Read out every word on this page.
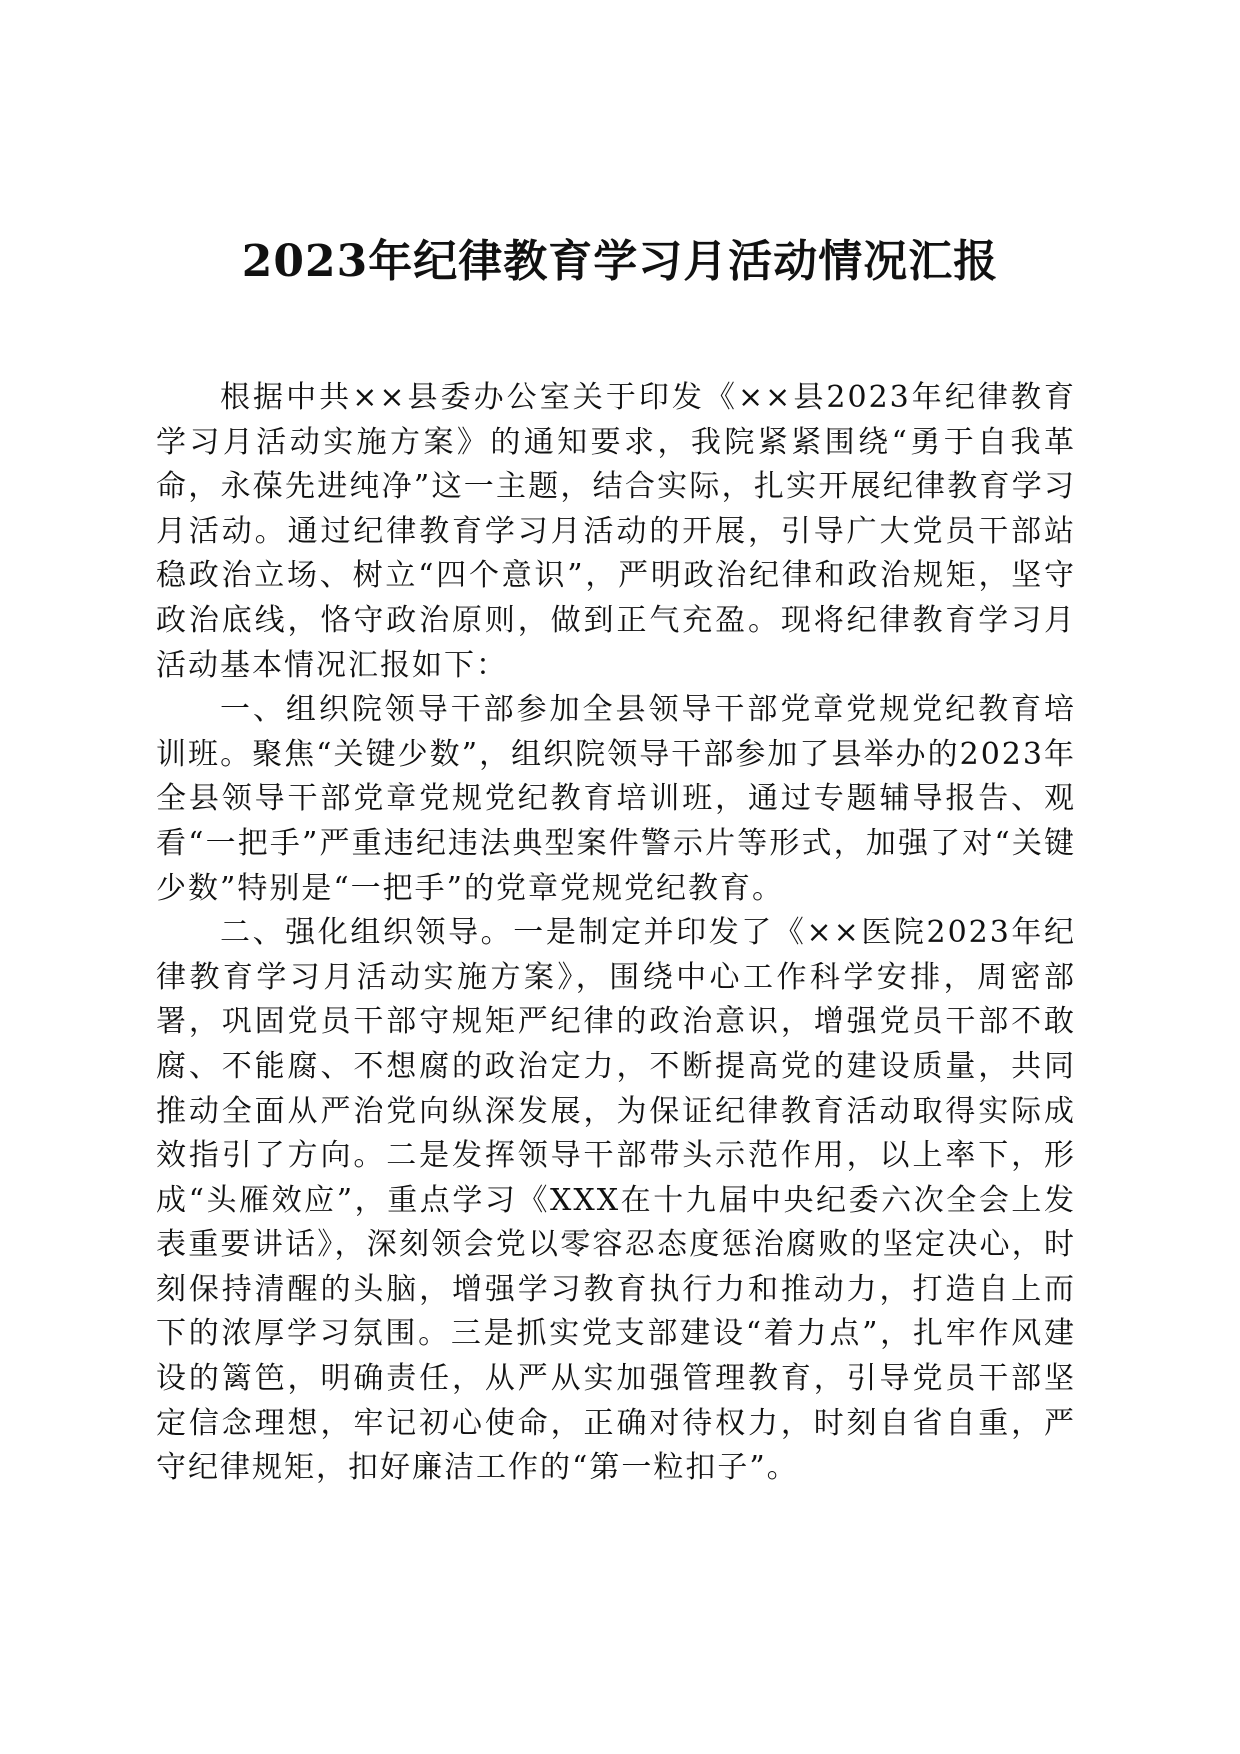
2023年纪律教育学习月活动情况汇报

根据中共××县委办公室关于印发《××县2023年纪律教育学习月活动实施方案》的通知要求，我院紧紧围绕“勇于自我革命，永葆先进纯净”这一主题，结合实际，扎实开展纪律教育学习月活动。通过纪律教育学习月活动的开展，引导广大党员干部站稳政治立场、树立“四个意识”，严明政治纪律和政治规矩，坚守政治底线，恪守政治原则，做到正气充盈。现将纪律教育学习月活动基本情况汇报如下：

一、组织院领导干部参加全县领导干部党章党规党纪教育培训班。聚焦“关键少数”，组织院领导干部参加了县举办的2023年全县领导干部党章党规党纪教育培训班，通过专题辅导报告、观看“一把手”严重违纪违法典型案件警示片等形式，加强了对“关键少数”特别是“一把手”的党章党规党纪教育。

二、强化组织领导。一是制定并印发了《××医院2023年纪律教育学习月活动实施方案》，围绕中心工作科学安排，周密部署，巩固党员干部守规矩严纪律的政治意识，增强党员干部不敢腐、不能腐、不想腐的政治定力，不断提高党的建设质量，共同推动全面从严治党向纵深发展，为保证纪律教育活动取得实际成效指引了方向。二是发挥领导干部带头示范作用，以上率下，形成“头雁效应”，重点学习《XXX在十九届中央纪委六次全会上发表重要讲话》，深刻领会党以零容忍态度惩治腐败的坚定决心，时刻保持清醒的头脑，增强学习教育执行力和推动力，打造自上而下的浓厚学习氛围。三是抓实党支部建设“着力点”，扎牢作风建设的篱笆，明确责任，从严从实加强管理教育，引导党员干部坚定信念理想，牢记初心使命，正确对待权力，时刻自省自重，严守纪律规矩，扣好廉洁工作的“第一粒扣子”。
